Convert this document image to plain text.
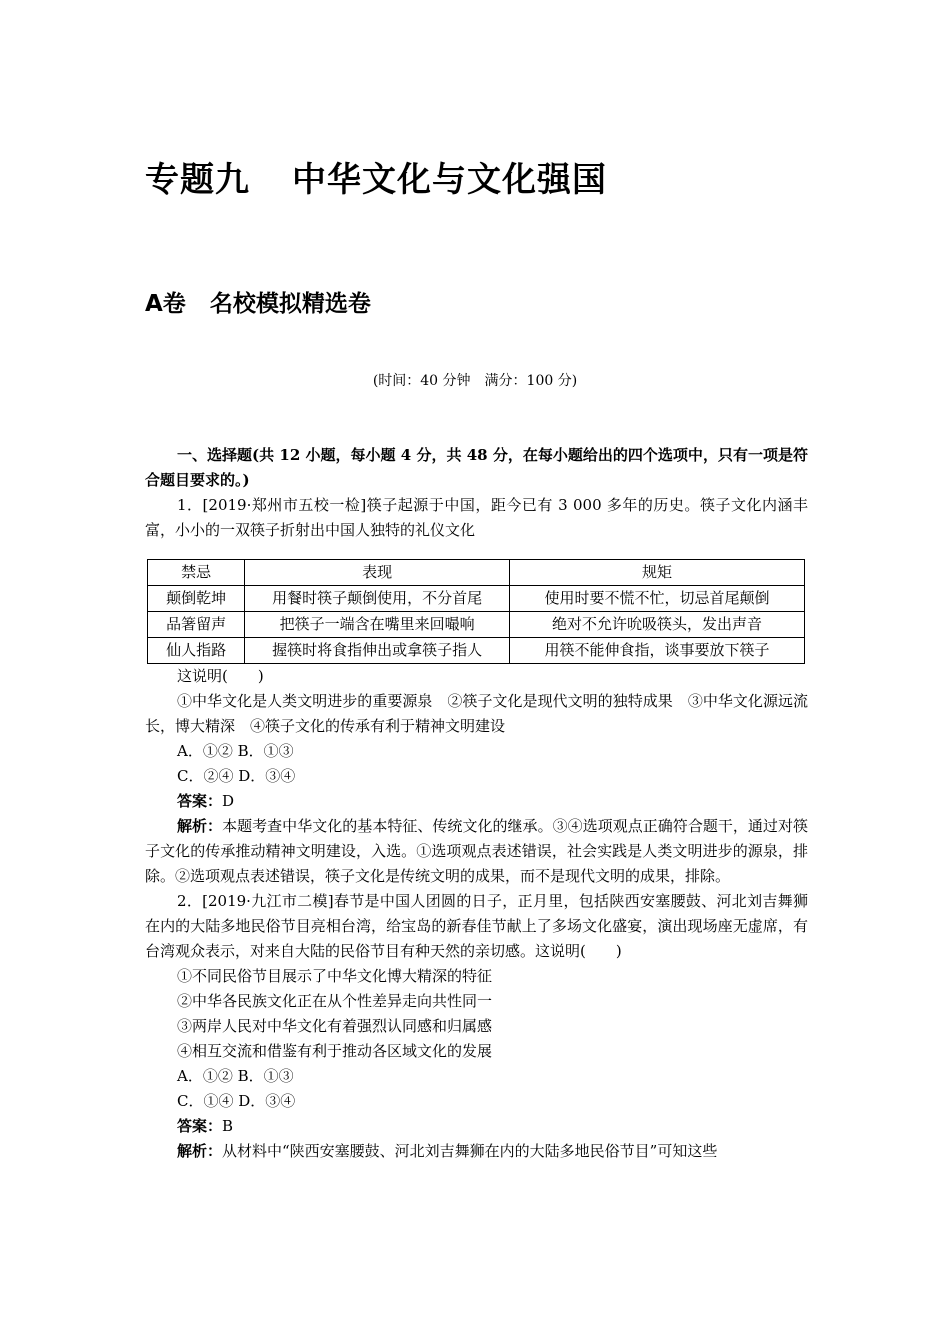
专题九 中华文化与文化强国
A卷 名校模拟精选卷
(时间：40 分钟　满分：100 分)

一、选择题(共 12 小题，每小题 4 分，共 48 分，在每小题给出的四个选项中，只有一项是符合题目要求的。)

1．[2019·郑州市五校一检]筷子起源于中国，距今已有 3 000 多年的历史。筷子文化内涵丰富，小小的一双筷子折射出中国人独特的礼仪文化

禁忌	表现	规矩
颠倒乾坤	用餐时筷子颠倒使用，不分首尾	使用时要不慌不忙，切忌首尾颠倒
品箸留声	把筷子一端含在嘴里来回嘬响	绝对不允许吮吸筷头，发出声音
仙人指路	握筷时将食指伸出或拿筷子指人	用筷不能伸食指，谈事要放下筷子

这说明(　　)

①中华文化是人类文明进步的重要源泉　②筷子文化是现代文明的独特成果　③中华文化源远流长，博大精深　④筷子文化的传承有利于精神文明建设

A．①② B．①③

C．②④ D．③④

答案：D

解析：本题考查中华文化的基本特征、传统文化的继承。③④选项观点正确符合题干，通过对筷子文化的传承推动精神文明建设，入选。①选项观点表述错误，社会实践是人类文明进步的源泉，排除。②选项观点表述错误，筷子文化是传统文明的成果，而不是现代文明的成果，排除。

2．[2019·九江市二模]春节是中国人团圆的日子，正月里，包括陕西安塞腰鼓、河北刘吉舞狮在内的大陆多地民俗节目亮相台湾，给宝岛的新春佳节献上了多场文化盛宴，演出现场座无虚席，有台湾观众表示，对来自大陆的民俗节目有种天然的亲切感。这说明(　　)

①不同民俗节目展示了中华文化博大精深的特征

②中华各民族文化正在从个性差异走向共性同一

③两岸人民对中华文化有着强烈认同感和归属感

④相互交流和借鉴有利于推动各区域文化的发展

A．①② B．①③

C．①④ D．③④

答案：B

解析：从材料中“陕西安塞腰鼓、河北刘吉舞狮在内的大陆多地民俗节目”可知这些
